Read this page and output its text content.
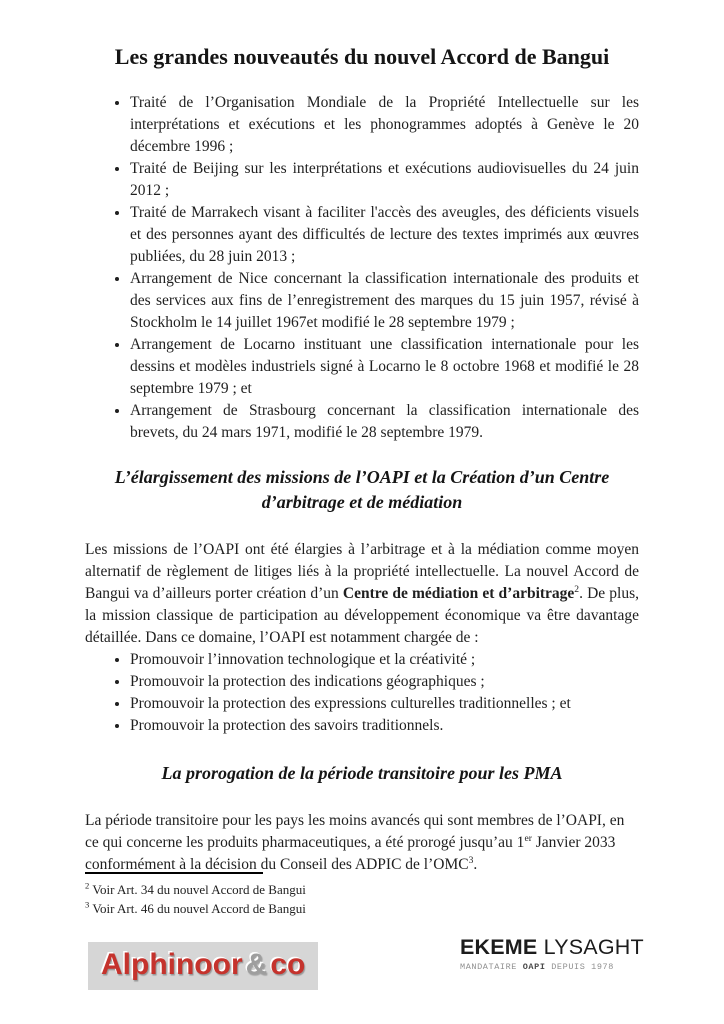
Les grandes nouveautés du nouvel Accord de Bangui
• Traité de l’Organisation Mondiale de la Propriété Intellectuelle sur les interprétations et exécutions et les phonogrammes adoptés à Genève le 20 décembre 1996 ;
• Traité de Beijing sur les interprétations et exécutions audiovisuelles du 24 juin 2012 ;
• Traité de Marrakech visant à faciliter l'accès des aveugles, des déficients visuels et des personnes ayant des difficultés de lecture des textes imprimés aux œuvres publiées, du 28 juin 2013 ;
• Arrangement de Nice concernant la classification internationale des produits et des services aux fins de l’enregistrement des marques du 15 juin 1957, révisé à Stockholm le 14 juillet 1967et modifié le 28 septembre 1979 ;
• Arrangement de Locarno instituant une classification internationale pour les dessins et modèles industriels signé à Locarno le 8 octobre 1968 et modifié le 28 septembre 1979 ; et
• Arrangement de Strasbourg concernant la classification internationale des brevets, du 24 mars 1971, modifié le 28 septembre 1979.
L’élargissement des missions de l’OAPI et la Création d’un Centre
d’arbitrage et de médiation

Les missions de l’OAPI ont été élargies à l’arbitrage et à la médiation comme moyen alternatif de règlement de litiges liés à la propriété intellectuelle. La nouvel Accord de Bangui va d’ailleurs porter création d’un Centre de médiation et d’arbitrage$^2$. De plus, la mission classique de participation au développement économique va être davantage détaillée. Dans ce domaine, l’OAPI est notamment chargée de :

• Promouvoir l’innovation technologique et la créativité ;
• Promouvoir la protection des indications géographiques ;
• Promouvoir la protection des expressions culturelles traditionnelles ; et
• Promouvoir la protection des savoirs traditionnels.
La prorogation de la période transitoire pour les PMA

La période transitoire pour les pays les moins avancés qui sont membres de l’OAPI, en ce qui concerne les produits pharmaceutiques, a été prorogé jusqu’au 1er Janvier 2033 conformément à la décision du Conseil des ADPIC de l’OMC$^3$.

$^2$ Voir Art. 34 du nouvel Accord de Bangui
$^3$ Voir Art. 46 du nouvel Accord de Bangui
Alphinoor & co
EKEME LYSAGHT
MANDATAIRE OAPI DEPUIS 1978
